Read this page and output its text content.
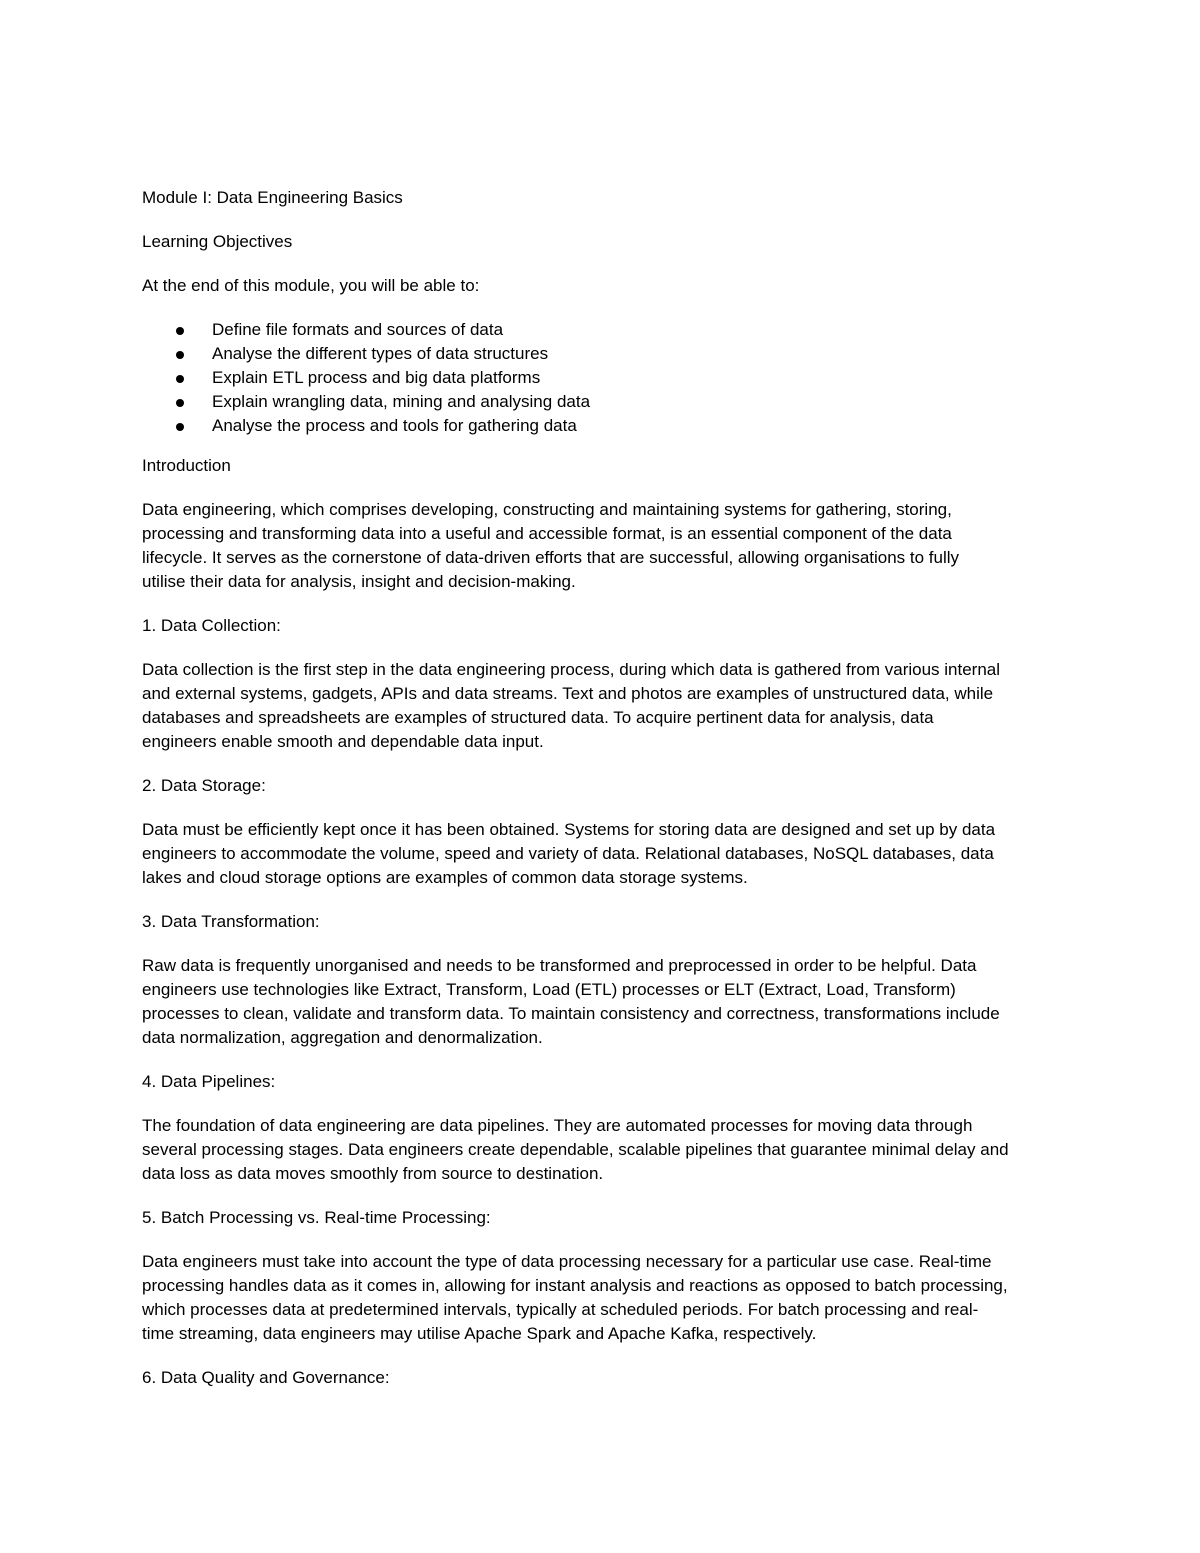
Module I: Data Engineering Basics

Learning Objectives

At the end of this module, you will be able to:

Define file formats and sources of data
Analyse the different types of data structures
Explain ETL process and big data platforms
Explain wrangling data, mining and analysing data
Analyse the process and tools for gathering data

Introduction

Data engineering, which comprises developing, constructing and maintaining systems for gathering, storing,
processing and transforming data into a useful and accessible format, is an essential component of the data
lifecycle. It serves as the cornerstone of data-driven efforts that are successful, allowing organisations to fully
utilise their data for analysis, insight and decision-making.

1. Data Collection:

Data collection is the first step in the data engineering process, during which data is gathered from various internal
and external systems, gadgets, APIs and data streams. Text and photos are examples of unstructured data, while
databases and spreadsheets are examples of structured data. To acquire pertinent data for analysis, data
engineers enable smooth and dependable data input.

2. Data Storage:

Data must be efficiently kept once it has been obtained. Systems for storing data are designed and set up by data
engineers to accommodate the volume, speed and variety of data. Relational databases, NoSQL databases, data
lakes and cloud storage options are examples of common data storage systems.

3. Data Transformation:

Raw data is frequently unorganised and needs to be transformed and preprocessed in order to be helpful. Data
engineers use technologies like Extract, Transform, Load (ETL) processes or ELT (Extract, Load, Transform)
processes to clean, validate and transform data. To maintain consistency and correctness, transformations include
data normalization, aggregation and denormalization.

4. Data Pipelines:

The foundation of data engineering are data pipelines. They are automated processes for moving data through
several processing stages. Data engineers create dependable, scalable pipelines that guarantee minimal delay and
data loss as data moves smoothly from source to destination.

5. Batch Processing vs. Real-time Processing:

Data engineers must take into account the type of data processing necessary for a particular use case. Real-time
processing handles data as it comes in, allowing for instant analysis and reactions as opposed to batch processing,
which processes data at predetermined intervals, typically at scheduled periods. For batch processing and real-
time streaming, data engineers may utilise Apache Spark and Apache Kafka, respectively.

6. Data Quality and Governance:
